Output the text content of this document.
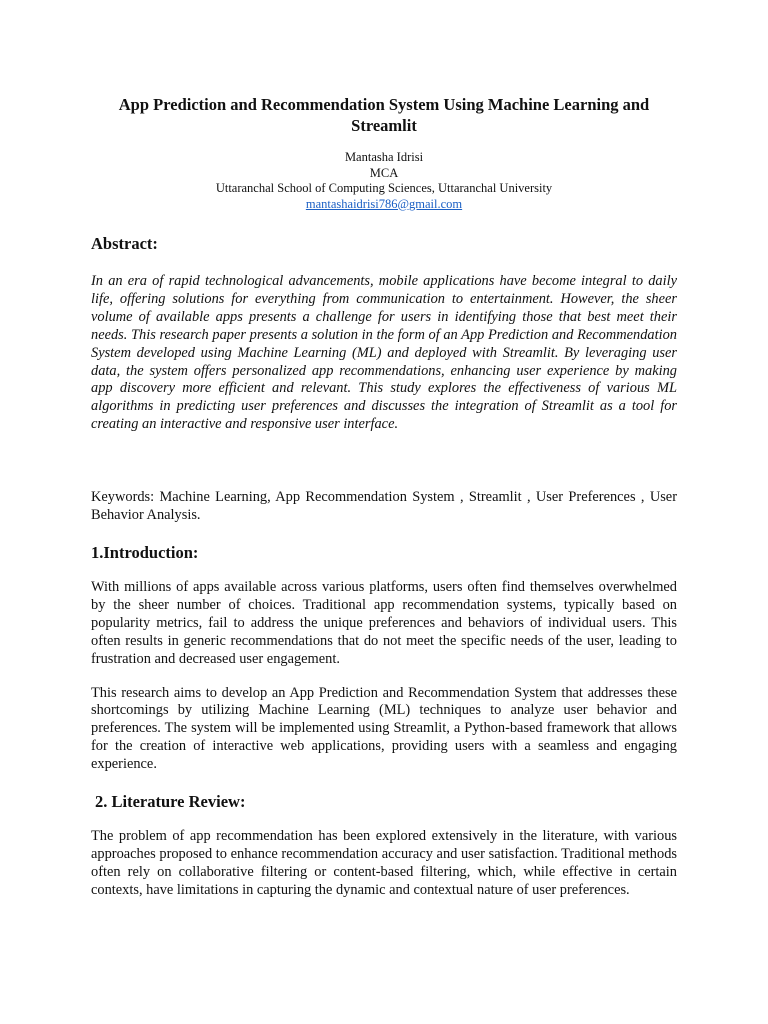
App Prediction and Recommendation System Using Machine Learning and Streamlit
Mantasha Idrisi
MCA
Uttaranchal School of Computing Sciences, Uttaranchal University
mantashaidrisi786@gmail.com
Abstract:

In an era of rapid technological advancements, mobile applications have become integral to daily life, offering solutions for everything from communication to entertainment. However, the sheer volume of available apps presents a challenge for users in identifying those that best meet their needs. This research paper presents a solution in the form of an App Prediction and Recommendation System developed using Machine Learning (ML) and deployed with Streamlit. By leveraging user data, the system offers personalized app recommendations, enhancing user experience by making app discovery more efficient and relevant. This study explores the effectiveness of various ML algorithms in predicting user preferences and discusses the integration of Streamlit as a tool for creating an interactive and responsive user interface.

Keywords: Machine Learning, App Recommendation System , Streamlit , User Preferences , User Behavior Analysis.

1.Introduction:

With millions of apps available across various platforms, users often find themselves overwhelmed by the sheer number of choices. Traditional app recommendation systems, typically based on popularity metrics, fail to address the unique preferences and behaviors of individual users. This often results in generic recommendations that do not meet the specific needs of the user, leading to frustration and decreased user engagement.

This research aims to develop an App Prediction and Recommendation System that addresses these shortcomings by utilizing Machine Learning (ML) techniques to analyze user behavior and preferences. The system will be implemented using Streamlit, a Python-based framework that allows for the creation of interactive web applications, providing users with a seamless and engaging experience.

2. Literature Review:

The problem of app recommendation has been explored extensively in the literature, with various approaches proposed to enhance recommendation accuracy and user satisfaction. Traditional methods often rely on collaborative filtering or content-based filtering, which, while effective in certain contexts, have limitations in capturing the dynamic and contextual nature of user preferences.
